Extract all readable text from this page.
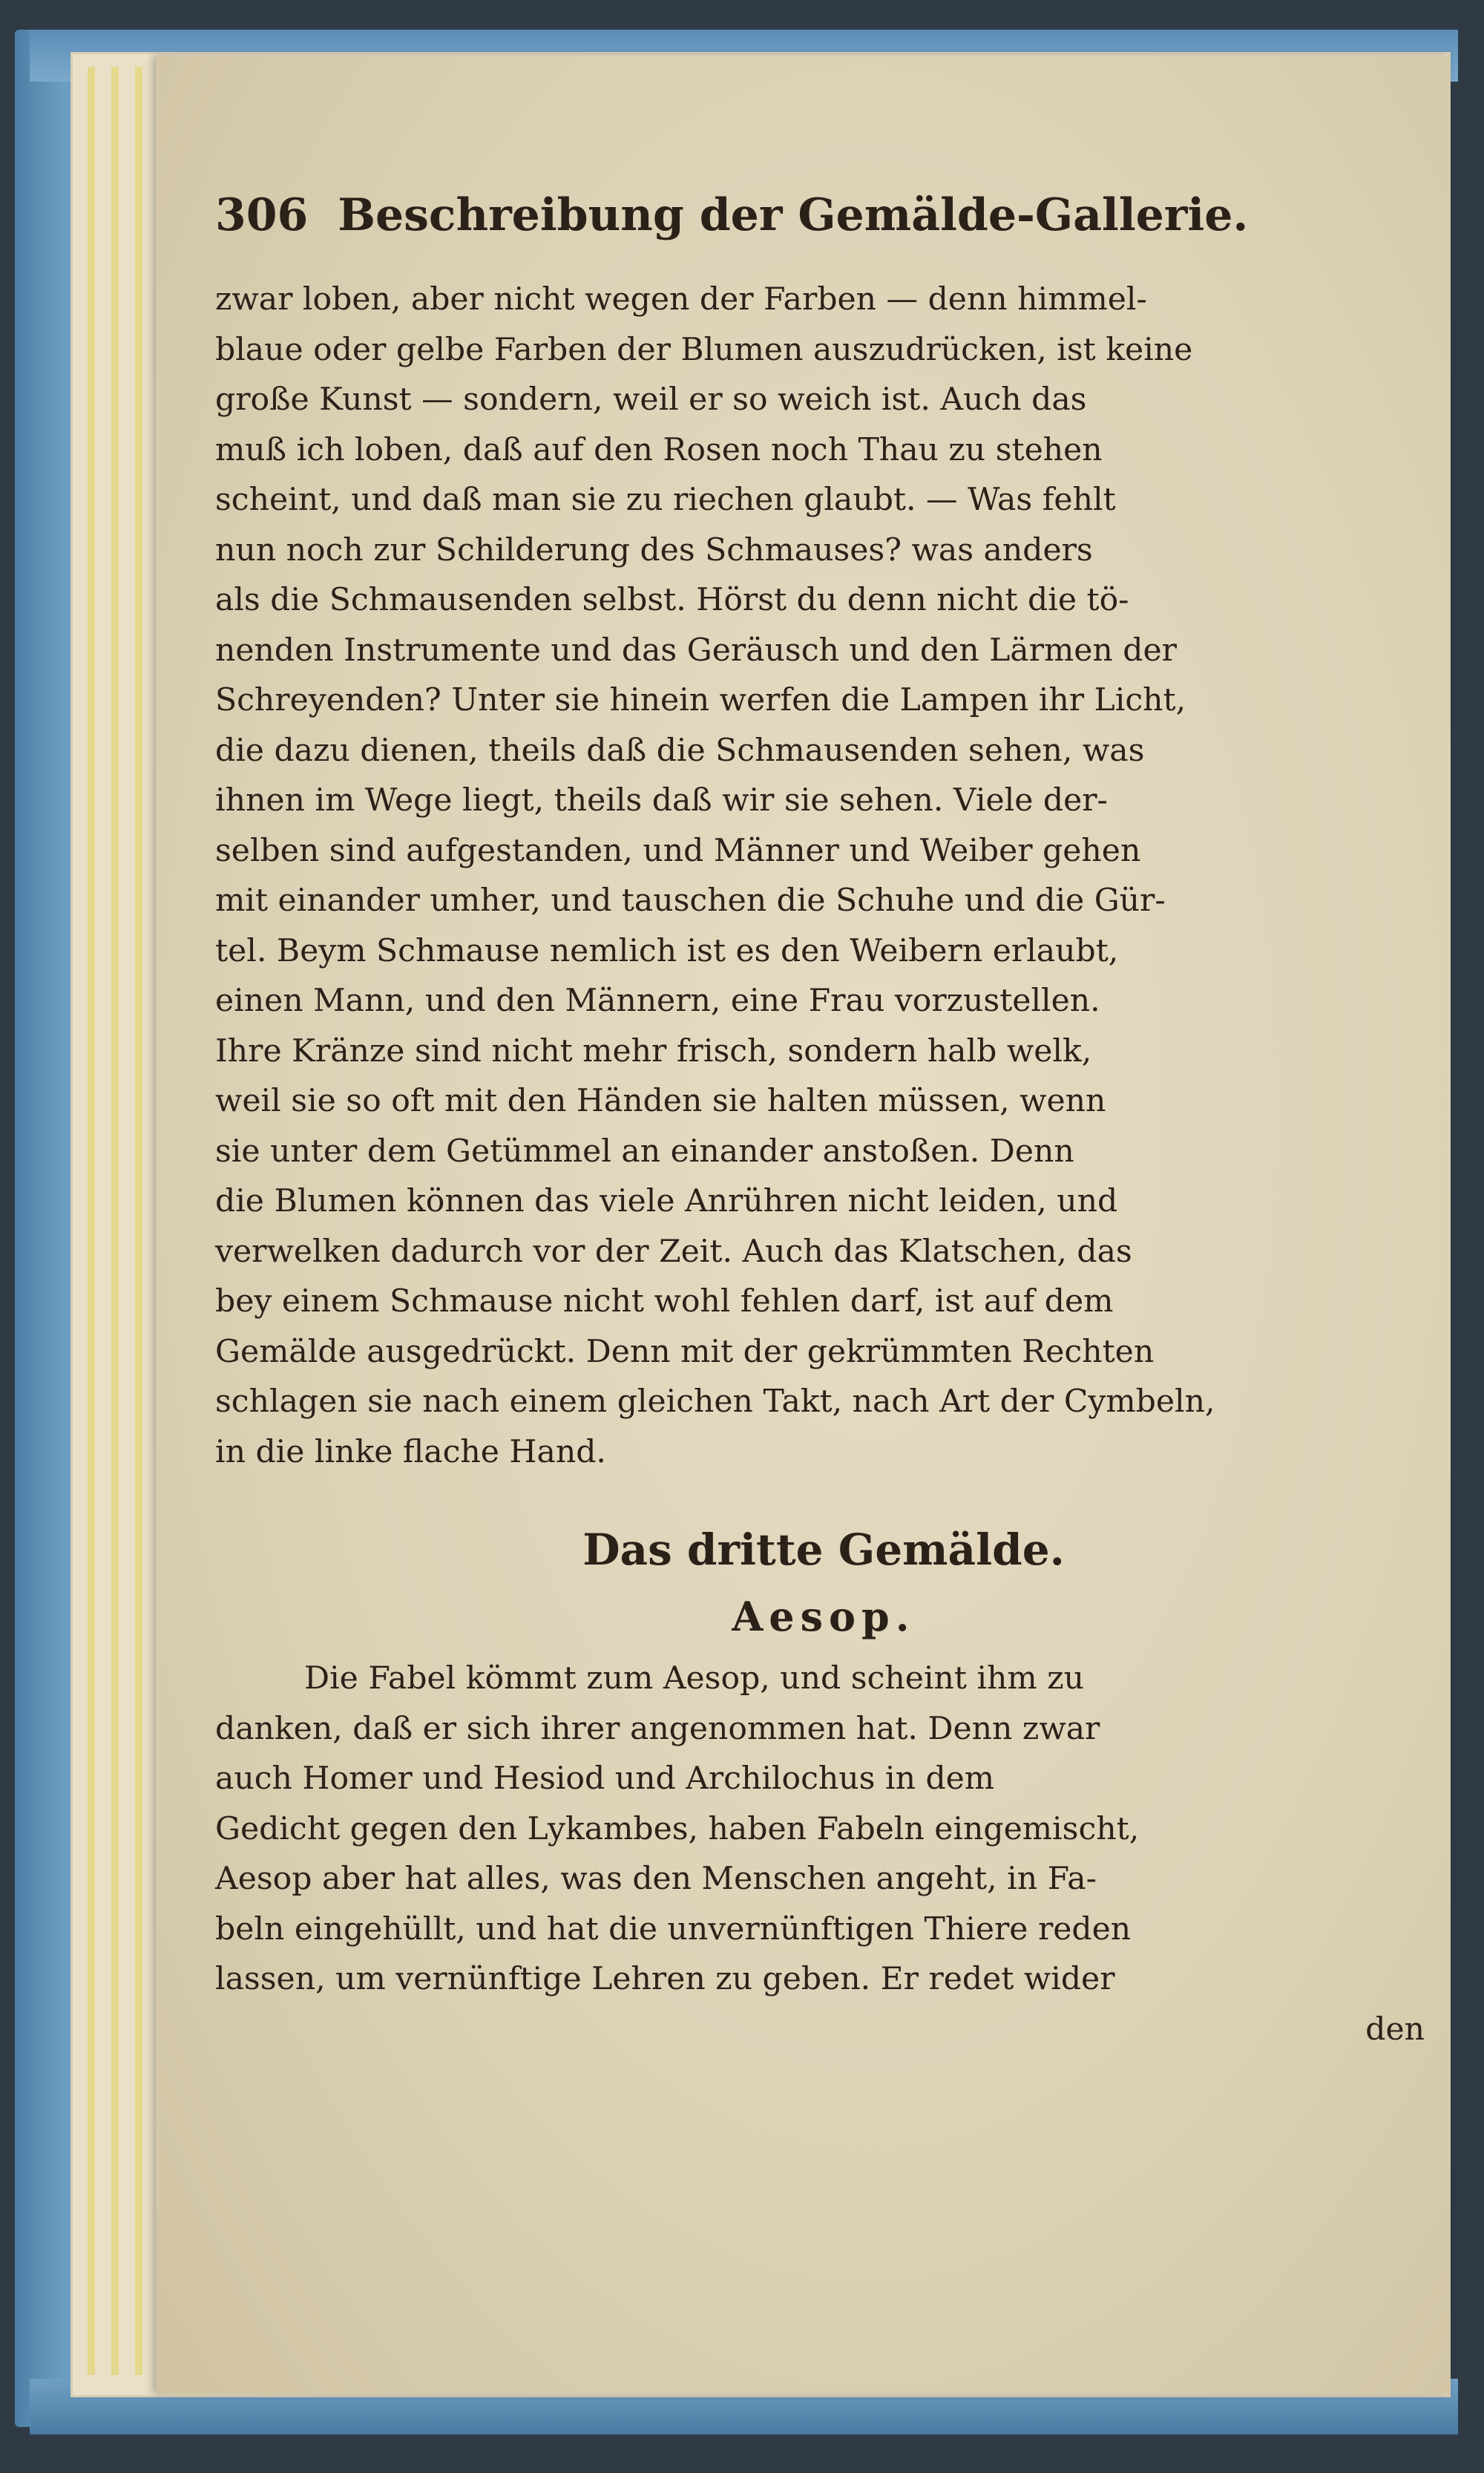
306 Beschreibung der Gemälde-Gallerie.

zwar loben, aber nicht wegen der Farben — denn himmel-
blaue oder gelbe Farben der Blumen auszudrücken, ist keine
große Kunst — sondern, weil er so weich ist. Auch das
muß ich loben, daß auf den Rosen noch Thau zu stehen
scheint, und daß man sie zu riechen glaubt. — Was fehlt
nun noch zur Schilderung des Schmauses? was anders
als die Schmausenden selbst. Hörst du denn nicht die tö-
nenden Instrumente und das Geräusch und den Lärmen der
Schreyenden? Unter sie hinein werfen die Lampen ihr Licht,
die dazu dienen, theils daß die Schmausenden sehen, was
ihnen im Wege liegt, theils daß wir sie sehen. Viele der-
selben sind aufgestanden, und Männer und Weiber gehen
mit einander umher, und tauschen die Schuhe und die Gür-
tel. Beym Schmause nemlich ist es den Weibern erlaubt,
einen Mann, und den Männern, eine Frau vorzustellen.
Ihre Kränze sind nicht mehr frisch, sondern halb welk,
weil sie so oft mit den Händen sie halten müssen, wenn
sie unter dem Getümmel an einander anstoßen. Denn
die Blumen können das viele Anrühren nicht leiden, und
verwelken dadurch vor der Zeit. Auch das Klatschen, das
bey einem Schmause nicht wohl fehlen darf, ist auf dem
Gemälde ausgedrückt. Denn mit der gekrümmten Rechten
schlagen sie nach einem gleichen Takt, nach Art der Cymbeln,
in die linke flache Hand.

Das dritte Gemälde.
Aesop.

Die Fabel kömmt zum Aesop, und scheint ihm zu
danken, daß er sich ihrer angenommen hat. Denn zwar
auch Homer und Hesiod und Archilochus in dem
Gedicht gegen den Lykambes, haben Fabeln eingemischt,
Aesop aber hat alles, was den Menschen angeht, in Fa-
beln eingehüllt, und hat die unvernünftigen Thiere reden
lassen, um vernünftige Lehren zu geben. Er redet wider

den
